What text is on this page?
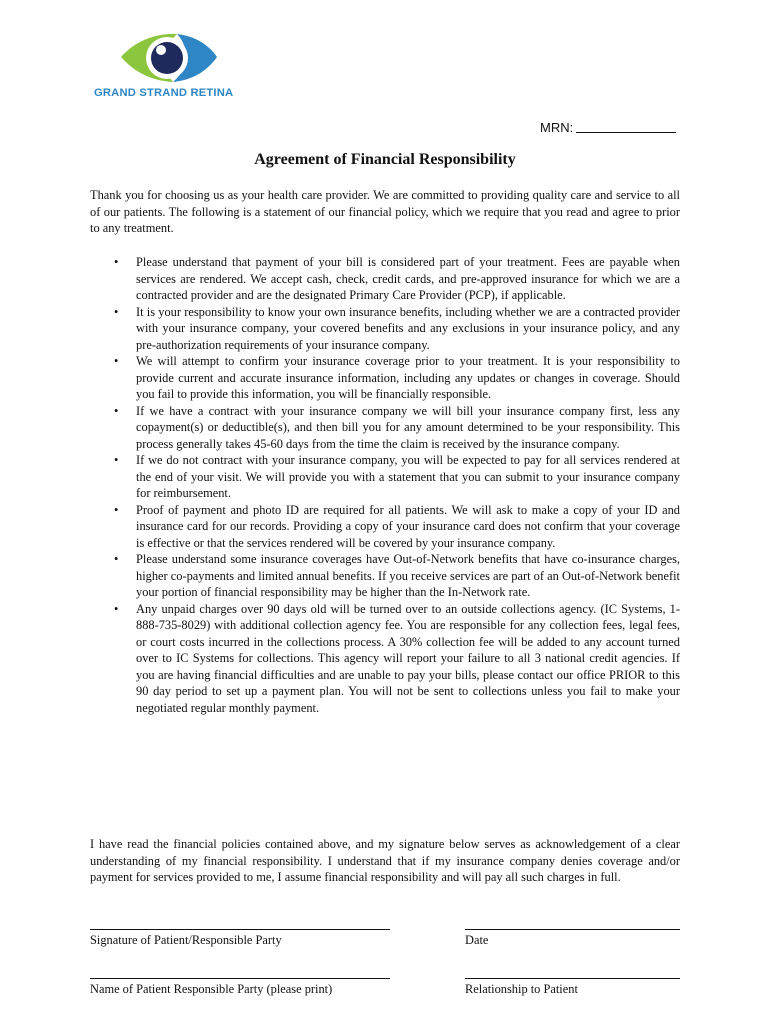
GRAND STRAND RETINA
MRN:
Agreement of Financial Responsibility
Thank you for choosing us as your health care provider. We are committed to providing quality care and service to all of our patients. The following is a statement of our financial policy, which we require that you read and agree to prior to any treatment.
• Please understand that payment of your bill is considered part of your treatment. Fees are payable when services are rendered. We accept cash, check, credit cards, and pre-approved insurance for which we are a contracted provider and are the designated Primary Care Provider (PCP), if applicable.
• It is your responsibility to know your own insurance benefits, including whether we are a contracted provider with your insurance company, your covered benefits and any exclusions in your insurance policy, and any pre-authorization requirements of your insurance company.
• We will attempt to confirm your insurance coverage prior to your treatment. It is your responsibility to provide current and accurate insurance information, including any updates or changes in coverage. Should you fail to provide this information, you will be financially responsible.
• If we have a contract with your insurance company we will bill your insurance company first, less any copayment(s) or deductible(s), and then bill you for any amount determined to be your responsibility. This process generally takes 45-60 days from the time the claim is received by the insurance company.
• If we do not contract with your insurance company, you will be expected to pay for all services rendered at the end of your visit. We will provide you with a statement that you can submit to your insurance company for reimbursement.
• Proof of payment and photo ID are required for all patients. We will ask to make a copy of your ID and insurance card for our records. Providing a copy of your insurance card does not confirm that your coverage is effective or that the services rendered will be covered by your insurance company.
• Please understand some insurance coverages have Out-of-Network benefits that have co-insurance charges, higher co-payments and limited annual benefits. If you receive services are part of an Out-of-Network benefit your portion of financial responsibility may be higher than the In-Network rate.
• Any unpaid charges over 90 days old will be turned over to an outside collections agency. (IC Systems, 1-888-735-8029) with additional collection agency fee. You are responsible for any collection fees, legal fees, or court costs incurred in the collections process. A 30% collection fee will be added to any account turned over to IC Systems for collections. This agency will report your failure to all 3 national credit agencies. If you are having financial difficulties and are unable to pay your bills, please contact our office PRIOR to this 90 day period to set up a payment plan. You will not be sent to collections unless you fail to make your negotiated regular monthly payment.
I have read the financial policies contained above, and my signature below serves as acknowledgement of a clear understanding of my financial responsibility. I understand that if my insurance company denies coverage and/or payment for services provided to me, I assume financial responsibility and will pay all such charges in full.
Signature of Patient/Responsible Party	Date
Name of Patient Responsible Party (please print)	Relationship to Patient
